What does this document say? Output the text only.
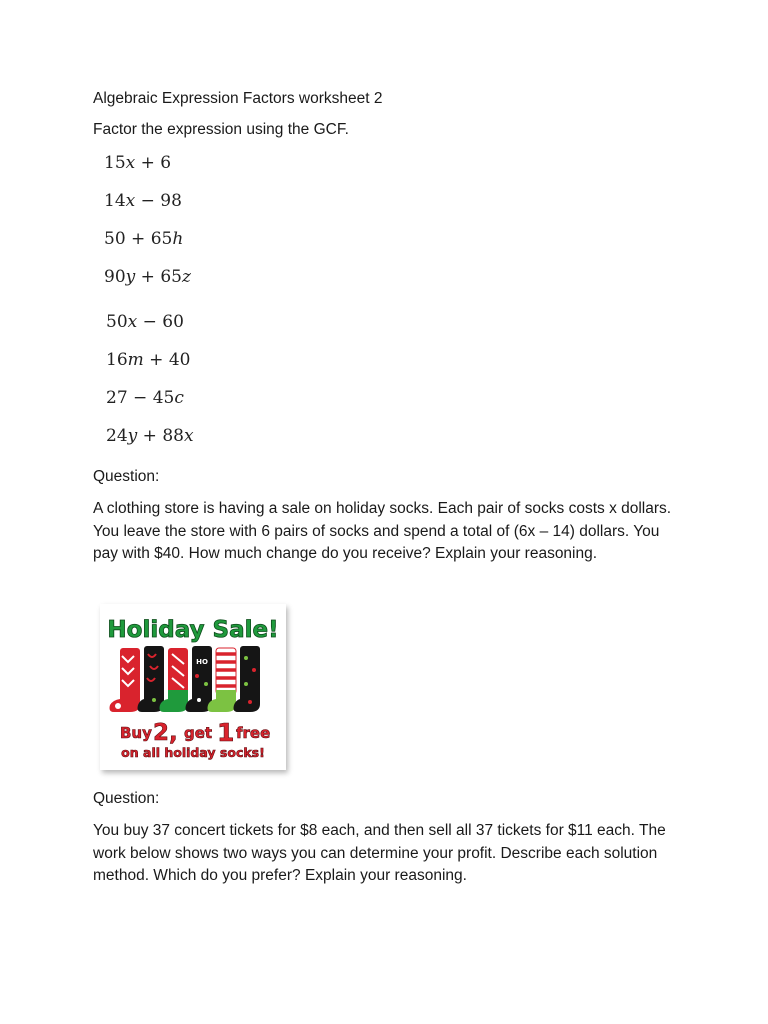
Algebraic Expression Factors worksheet 2
Factor the expression using the GCF.
15x + 6
14x − 98
50 + 65h
90y + 65z
50x − 60
16m + 40
27 − 45c
24y + 88x
Question:
A clothing store is having a sale on holiday socks. Each pair of socks costs x dollars. You leave the store with 6 pairs of socks and spend a total of (6x – 14) dollars. You pay with $40. How much change do you receive? Explain your reasoning.
Holiday Sale!
HO
Buy 2, get 1 free
on all holiday socks!
Question:
You buy 37 concert tickets for $8 each, and then sell all 37 tickets for $11 each. The work below shows two ways you can determine your profit. Describe each solution method. Which do you prefer? Explain your reasoning.
